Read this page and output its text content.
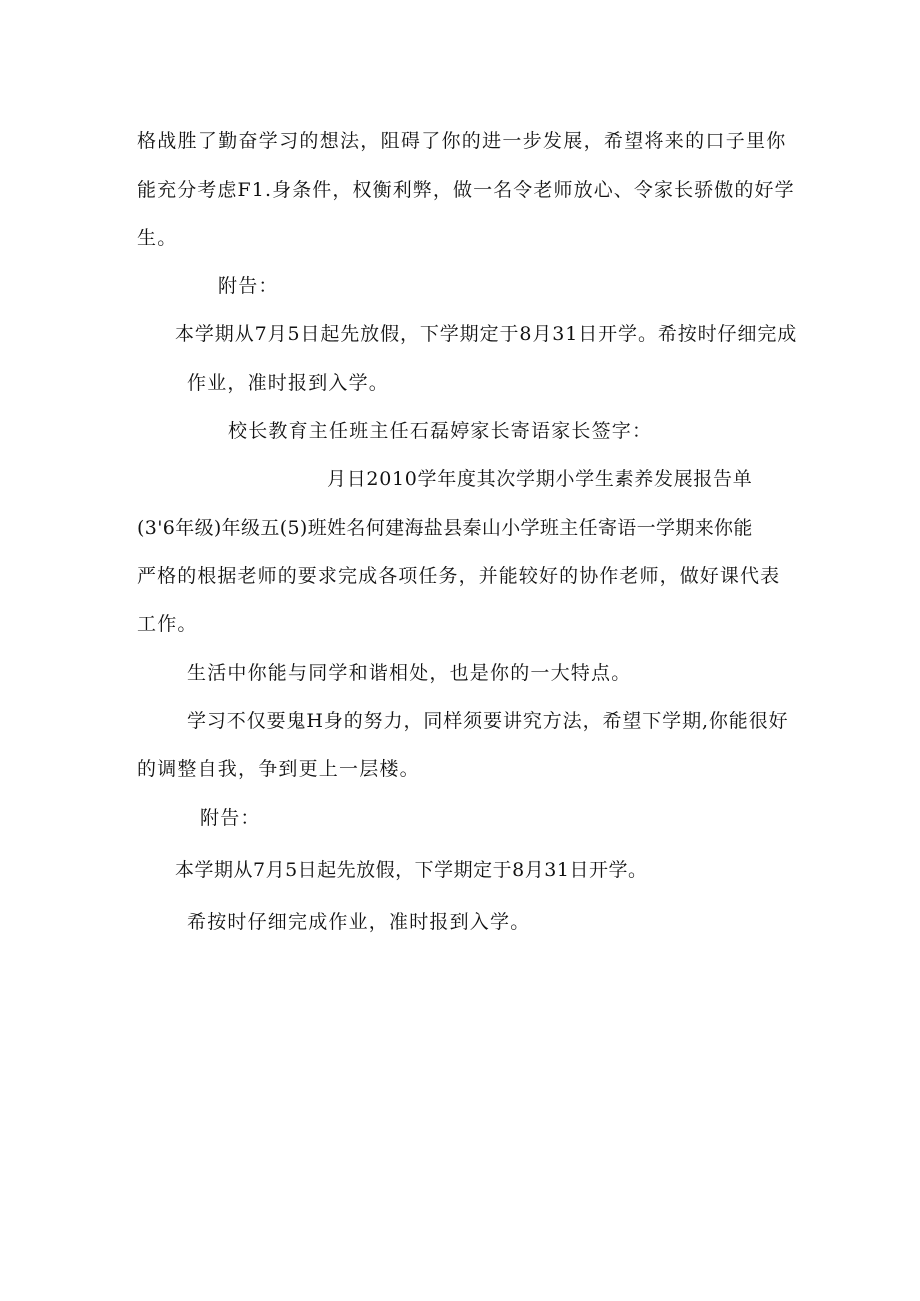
格战胜了勤奋学习的想法，阻碍了你的进一步发展，希望将来的口子里你
能充分考虑F1.身条件，权衡利弊，做一名令老师放心、令家长骄傲的好学
生。
附告：
本学期从7月5日起先放假，下学期定于8月31日开学。希按时仔细完成
作业，准时报到入学。
校长教育主任班主任石磊婷家长寄语家长签字：
月日2010学年度其次学期小学生素养发展报告单
(3'6年级)年级五(5)班姓名何建海盐县秦山小学班主任寄语一学期来你能
严格的根据老师的要求完成各项任务，并能较好的协作老师，做好课代表
工作。
生活中你能与同学和谐相处，也是你的一大特点。
学习不仅要鬼H身的努力，同样须要讲究方法，希望下学期,你能很好
的调整自我，争到更上一层楼。
附告：
本学期从7月5日起先放假，下学期定于8月31日开学。
希按时仔细完成作业，准时报到入学。
